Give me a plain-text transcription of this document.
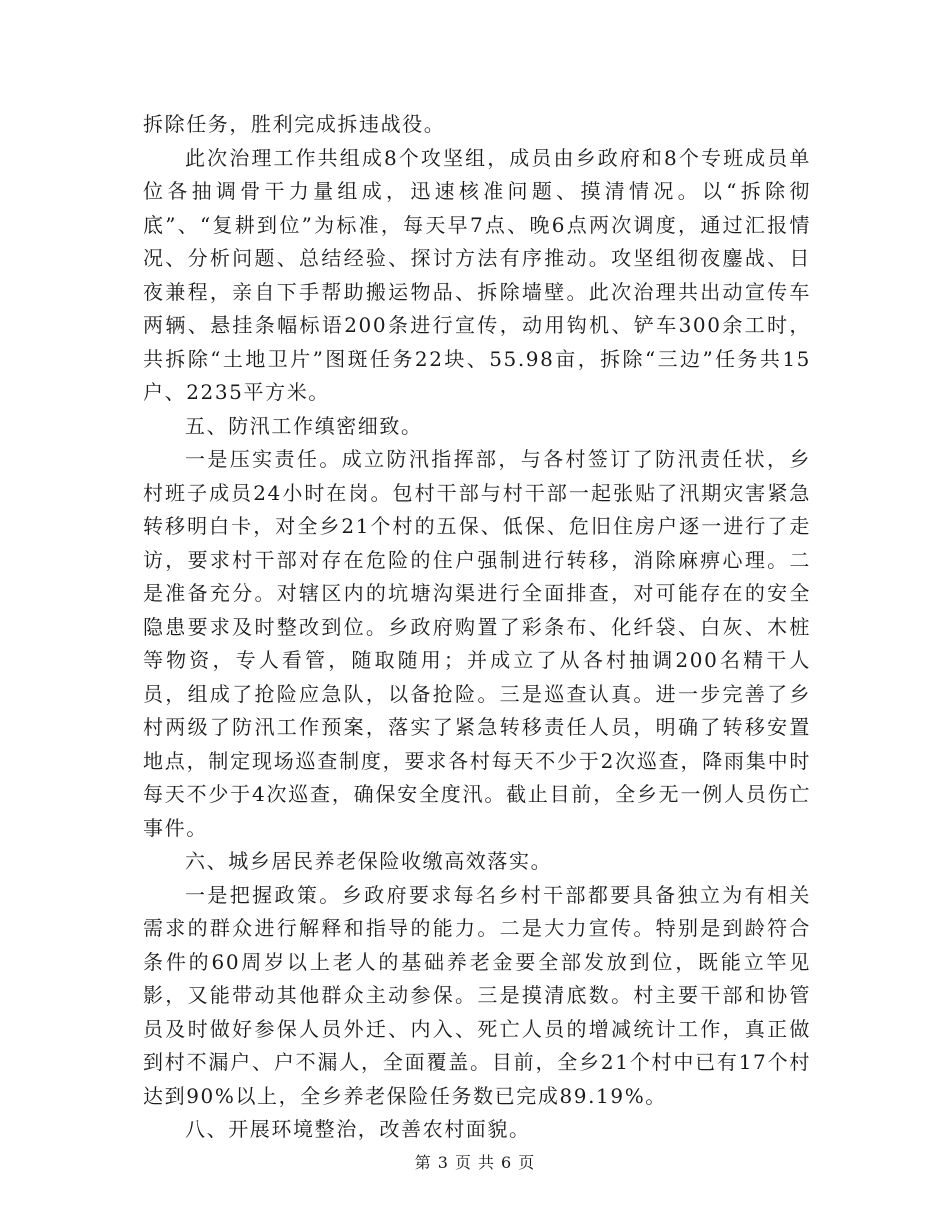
拆除任务，胜利完成拆违战役。

此次治理工作共组成8个攻坚组，成员由乡政府和8个专班成员单位各抽调骨干力量组成，迅速核准问题、摸清情况。以“拆除彻底”、“复耕到位”为标准，每天早7点、晚6点两次调度，通过汇报情况、分析问题、总结经验、探讨方法有序推动。攻坚组彻夜鏖战、日夜兼程，亲自下手帮助搬运物品、拆除墙壁。此次治理共出动宣传车两辆、悬挂条幅标语200条进行宣传，动用钩机、铲车300余工时，共拆除“土地卫片”图斑任务22块、55.98亩，拆除“三边”任务共15户、2235平方米。

五、防汛工作缜密细致。

一是压实责任。成立防汛指挥部，与各村签订了防汛责任状，乡村班子成员24小时在岗。包村干部与村干部一起张贴了汛期灾害紧急转移明白卡，对全乡21个村的五保、低保、危旧住房户逐一进行了走访，要求村干部对存在危险的住户强制进行转移，消除麻痹心理。二是准备充分。对辖区内的坑塘沟渠进行全面排查，对可能存在的安全隐患要求及时整改到位。乡政府购置了彩条布、化纤袋、白灰、木桩等物资，专人看管，随取随用；并成立了从各村抽调200名精干人员，组成了抢险应急队，以备抢险。三是巡查认真。进一步完善了乡村两级了防汛工作预案，落实了紧急转移责任人员，明确了转移安置地点，制定现场巡查制度，要求各村每天不少于2次巡查，降雨集中时每天不少于4次巡查，确保安全度汛。截止目前，全乡无一例人员伤亡事件。

六、城乡居民养老保险收缴高效落实。

一是把握政策。乡政府要求每名乡村干部都要具备独立为有相关需求的群众进行解释和指导的能力。二是大力宣传。特别是到龄符合条件的60周岁以上老人的基础养老金要全部发放到位，既能立竿见影，又能带动其他群众主动参保。三是摸清底数。村主要干部和协管员及时做好参保人员外迁、内入、死亡人员的增减统计工作，真正做到村不漏户、户不漏人，全面覆盖。目前，全乡21个村中已有17个村达到90%以上，全乡养老保险任务数已完成89.19%。

八、开展环境整治，改善农村面貌。

第 3 页 共 6 页
